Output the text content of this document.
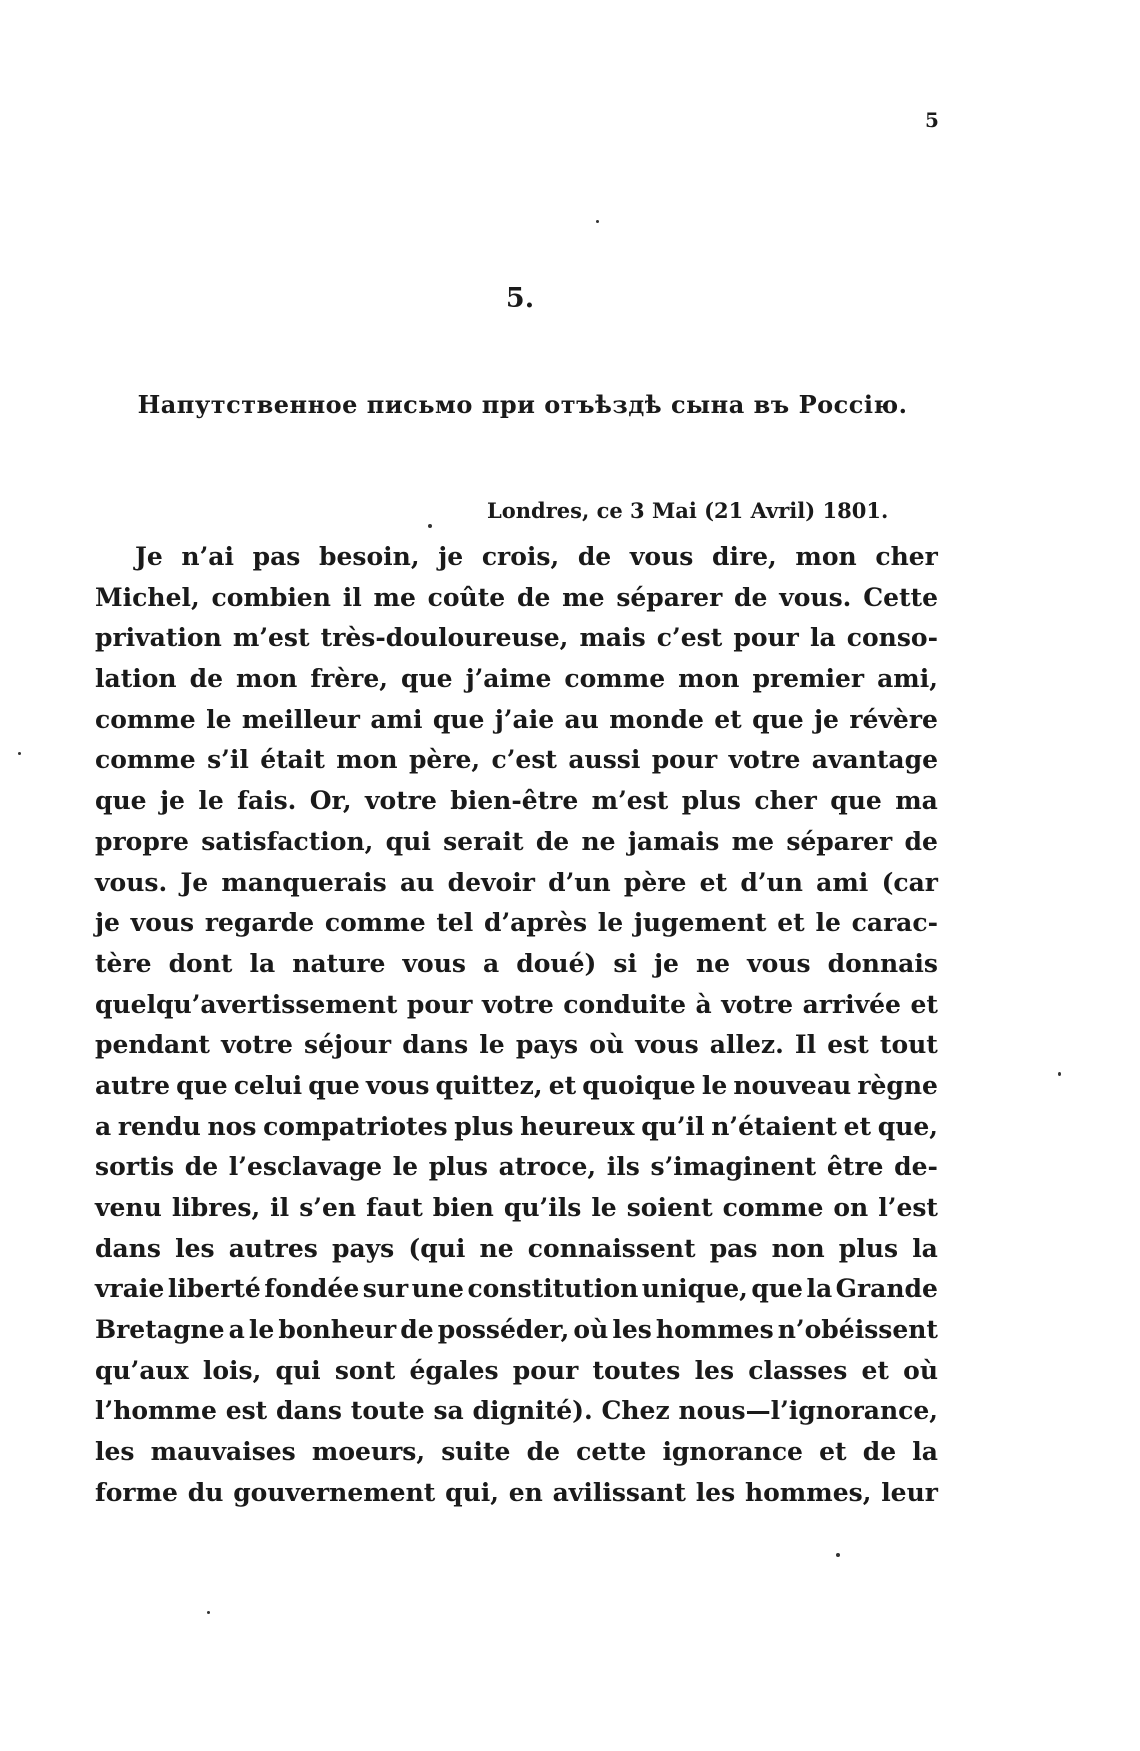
5
5.
Напутственное письмо при отъѣздѣ сына въ Россiю.
Londres, ce 3 Mai (21 Avril) 1801.
Je n’ai pas besoin, je crois, de vous dire, mon cher
Michel, combien il me coûte de me séparer de vous. Cette
privation m’est très-douloureuse, mais c’est pour la conso-
lation de mon frère, que j’aime comme mon premier ami,
comme le meilleur ami que j’aie au monde et que je révère
comme s’il était mon père, c’est aussi pour votre avantage
que je le fais. Or, votre bien-être m’est plus cher que ma
propre satisfaction, qui serait de ne jamais me séparer de
vous. Je manquerais au devoir d’un père et d’un ami (car
je vous regarde comme tel d’après le jugement et le carac-
tère dont la nature vous a doué) si je ne vous donnais
quelqu’avertissement pour votre conduite à votre arrivée et
pendant votre séjour dans le pays où vous allez. Il est tout
autre que celui que vous quittez, et quoique le nouveau règne
a rendu nos compatriotes plus heureux qu’il n’étaient et que,
sortis de l’esclavage le plus atroce, ils s’imaginent être de-
venu libres, il s’en faut bien qu’ils le soient comme on l’est
dans les autres pays (qui ne connaissent pas non plus la
vraie liberté fondée sur une constitution unique, que la Grande
Bretagne a le bonheur de posséder, où les hommes n’obéissent
qu’aux lois, qui sont égales pour toutes les classes et où
l’homme est dans toute sa dignité). Chez nous—l’ignorance,
les mauvaises moeurs, suite de cette ignorance et de la
forme du gouvernement qui, en avilissant les hommes, leur
